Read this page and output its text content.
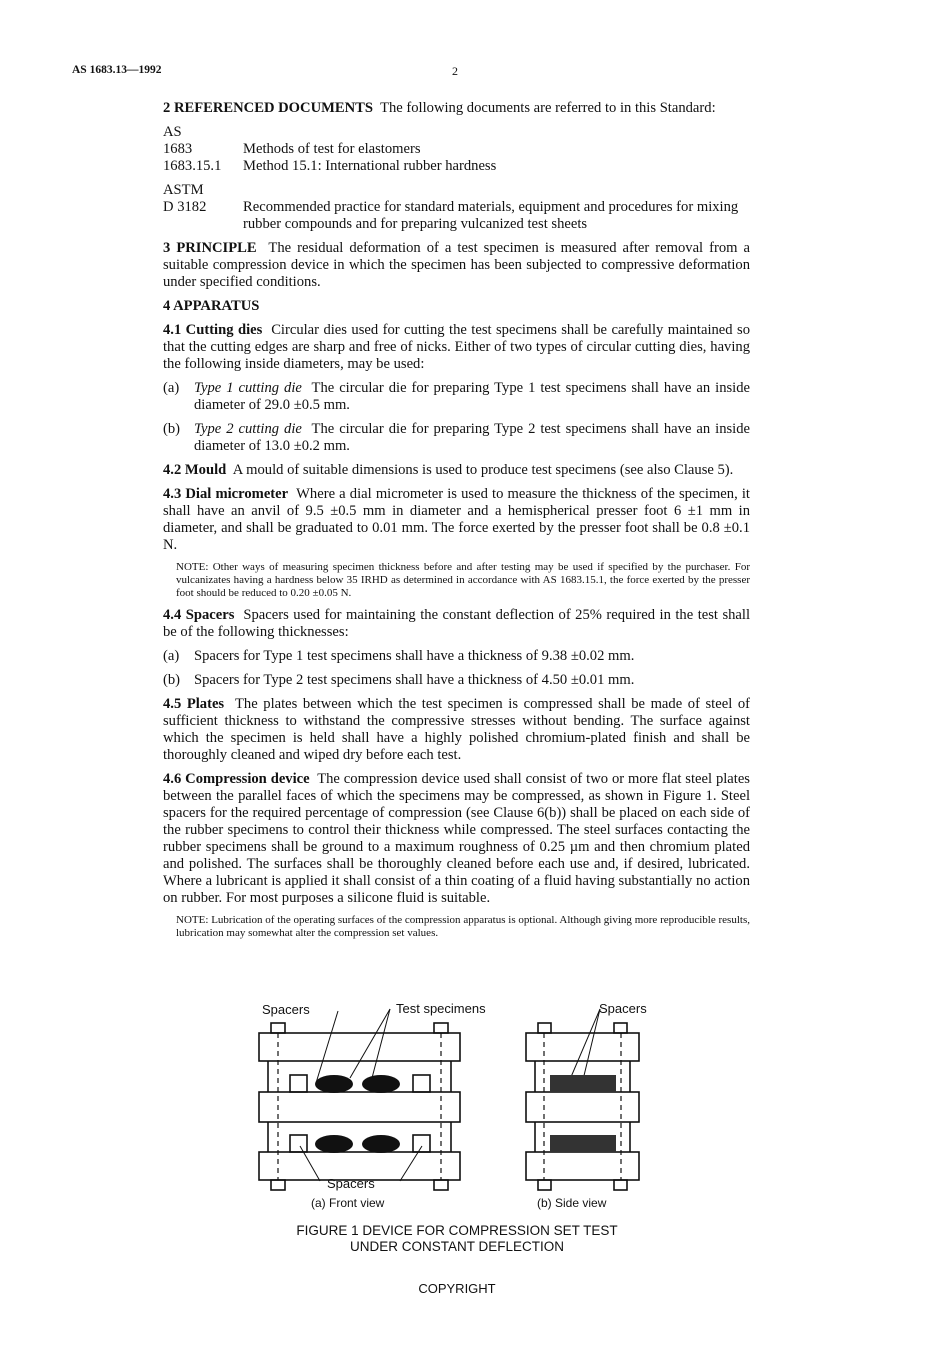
AS 1683.13—1992	2

2 REFERENCED DOCUMENTS The following documents are referred to in this Standard:

AS
1683	Methods of test for elastomers
1683.15.1	Method 15.1: International rubber hardness
ASTM
D 3182	Recommended practice for standard materials, equipment and procedures for mixing rubber compounds and for preparing vulcanized test sheets

3 PRINCIPLE The residual deformation of a test specimen is measured after removal from a suitable compression device in which the specimen has been subjected to compressive deformation under specified conditions.

4 APPARATUS

4.1 Cutting dies Circular dies used for cutting the test specimens shall be carefully maintained so that the cutting edges are sharp and free of nicks. Either of two types of circular cutting dies, having the following inside diameters, may be used:

(a)	Type 1 cutting die The circular die for preparing Type 1 test specimens shall have an inside diameter of 29.0 ±0.5 mm.
(b) Type 2 cutting die The circular die for preparing Type 2 test specimens shall have an inside diameter of 13.0 ±0.2 mm.

4.2 Mould A mould of suitable dimensions is used to produce test specimens (see also Clause 5).

4.3 Dial micrometer Where a dial micrometer is used to measure the thickness of the specimen, it shall have an anvil of 9.5 ±0.5 mm in diameter and a hemispherical presser foot 6 ±1 mm in diameter, and shall be graduated to 0.01 mm. The force exerted by the presser foot shall be 0.8 ±0.1 N.

NOTE: Other ways of measuring specimen thickness before and after testing may be used if specified by the purchaser. For vulcanizates having a hardness below 35 IRHD as determined in accordance with AS 1683.15.1, the force exerted by the presser foot should be reduced to 0.20 ±0.05 N.

4.4 Spacers Spacers used for maintaining the constant deflection of 25% required in the test shall be of the following thicknesses:

(a)	Spacers for Type 1 test specimens shall have a thickness of 9.38 ±0.02 mm.
(b) Spacers for Type 2 test specimens shall have a thickness of 4.50 ±0.01 mm.

4.5 Plates The plates between which the test specimen is compressed shall be made of steel of sufficient thickness to withstand the compressive stresses without bending. The surface against which the specimen is held shall have a highly polished chromium-plated finish and shall be thoroughly cleaned and wiped dry before each test.

4.6 Compression device The compression device used shall consist of two or more flat steel plates between the parallel faces of which the specimens may be compressed, as shown in Figure 1. Steel spacers for the required percentage of compression (see Clause 6(b)) shall be placed on each side of the rubber specimens to control their thickness while compressed. The steel surfaces contacting the rubber specimens shall be ground to a maximum roughness of 0.25 µm and then chromium plated and polished. The surfaces shall be thoroughly cleaned before each use and, if desired, lubricated. Where a lubricant is applied it shall consist of a thin coating of a fluid having substantially no action on rubber. For most purposes a silicone fluid is suitable.

NOTE: Lubrication of the operating surfaces of the compression apparatus is optional. Although giving more reproducible results, lubrication may somewhat alter the compression set values.
Spacers	Test specimens	Spacers
Spacers
(a) Front view	(b) Side view
FIGURE 1 DEVICE FOR COMPRESSION SET TEST
UNDER CONSTANT DEFLECTION
COPYRIGHT
